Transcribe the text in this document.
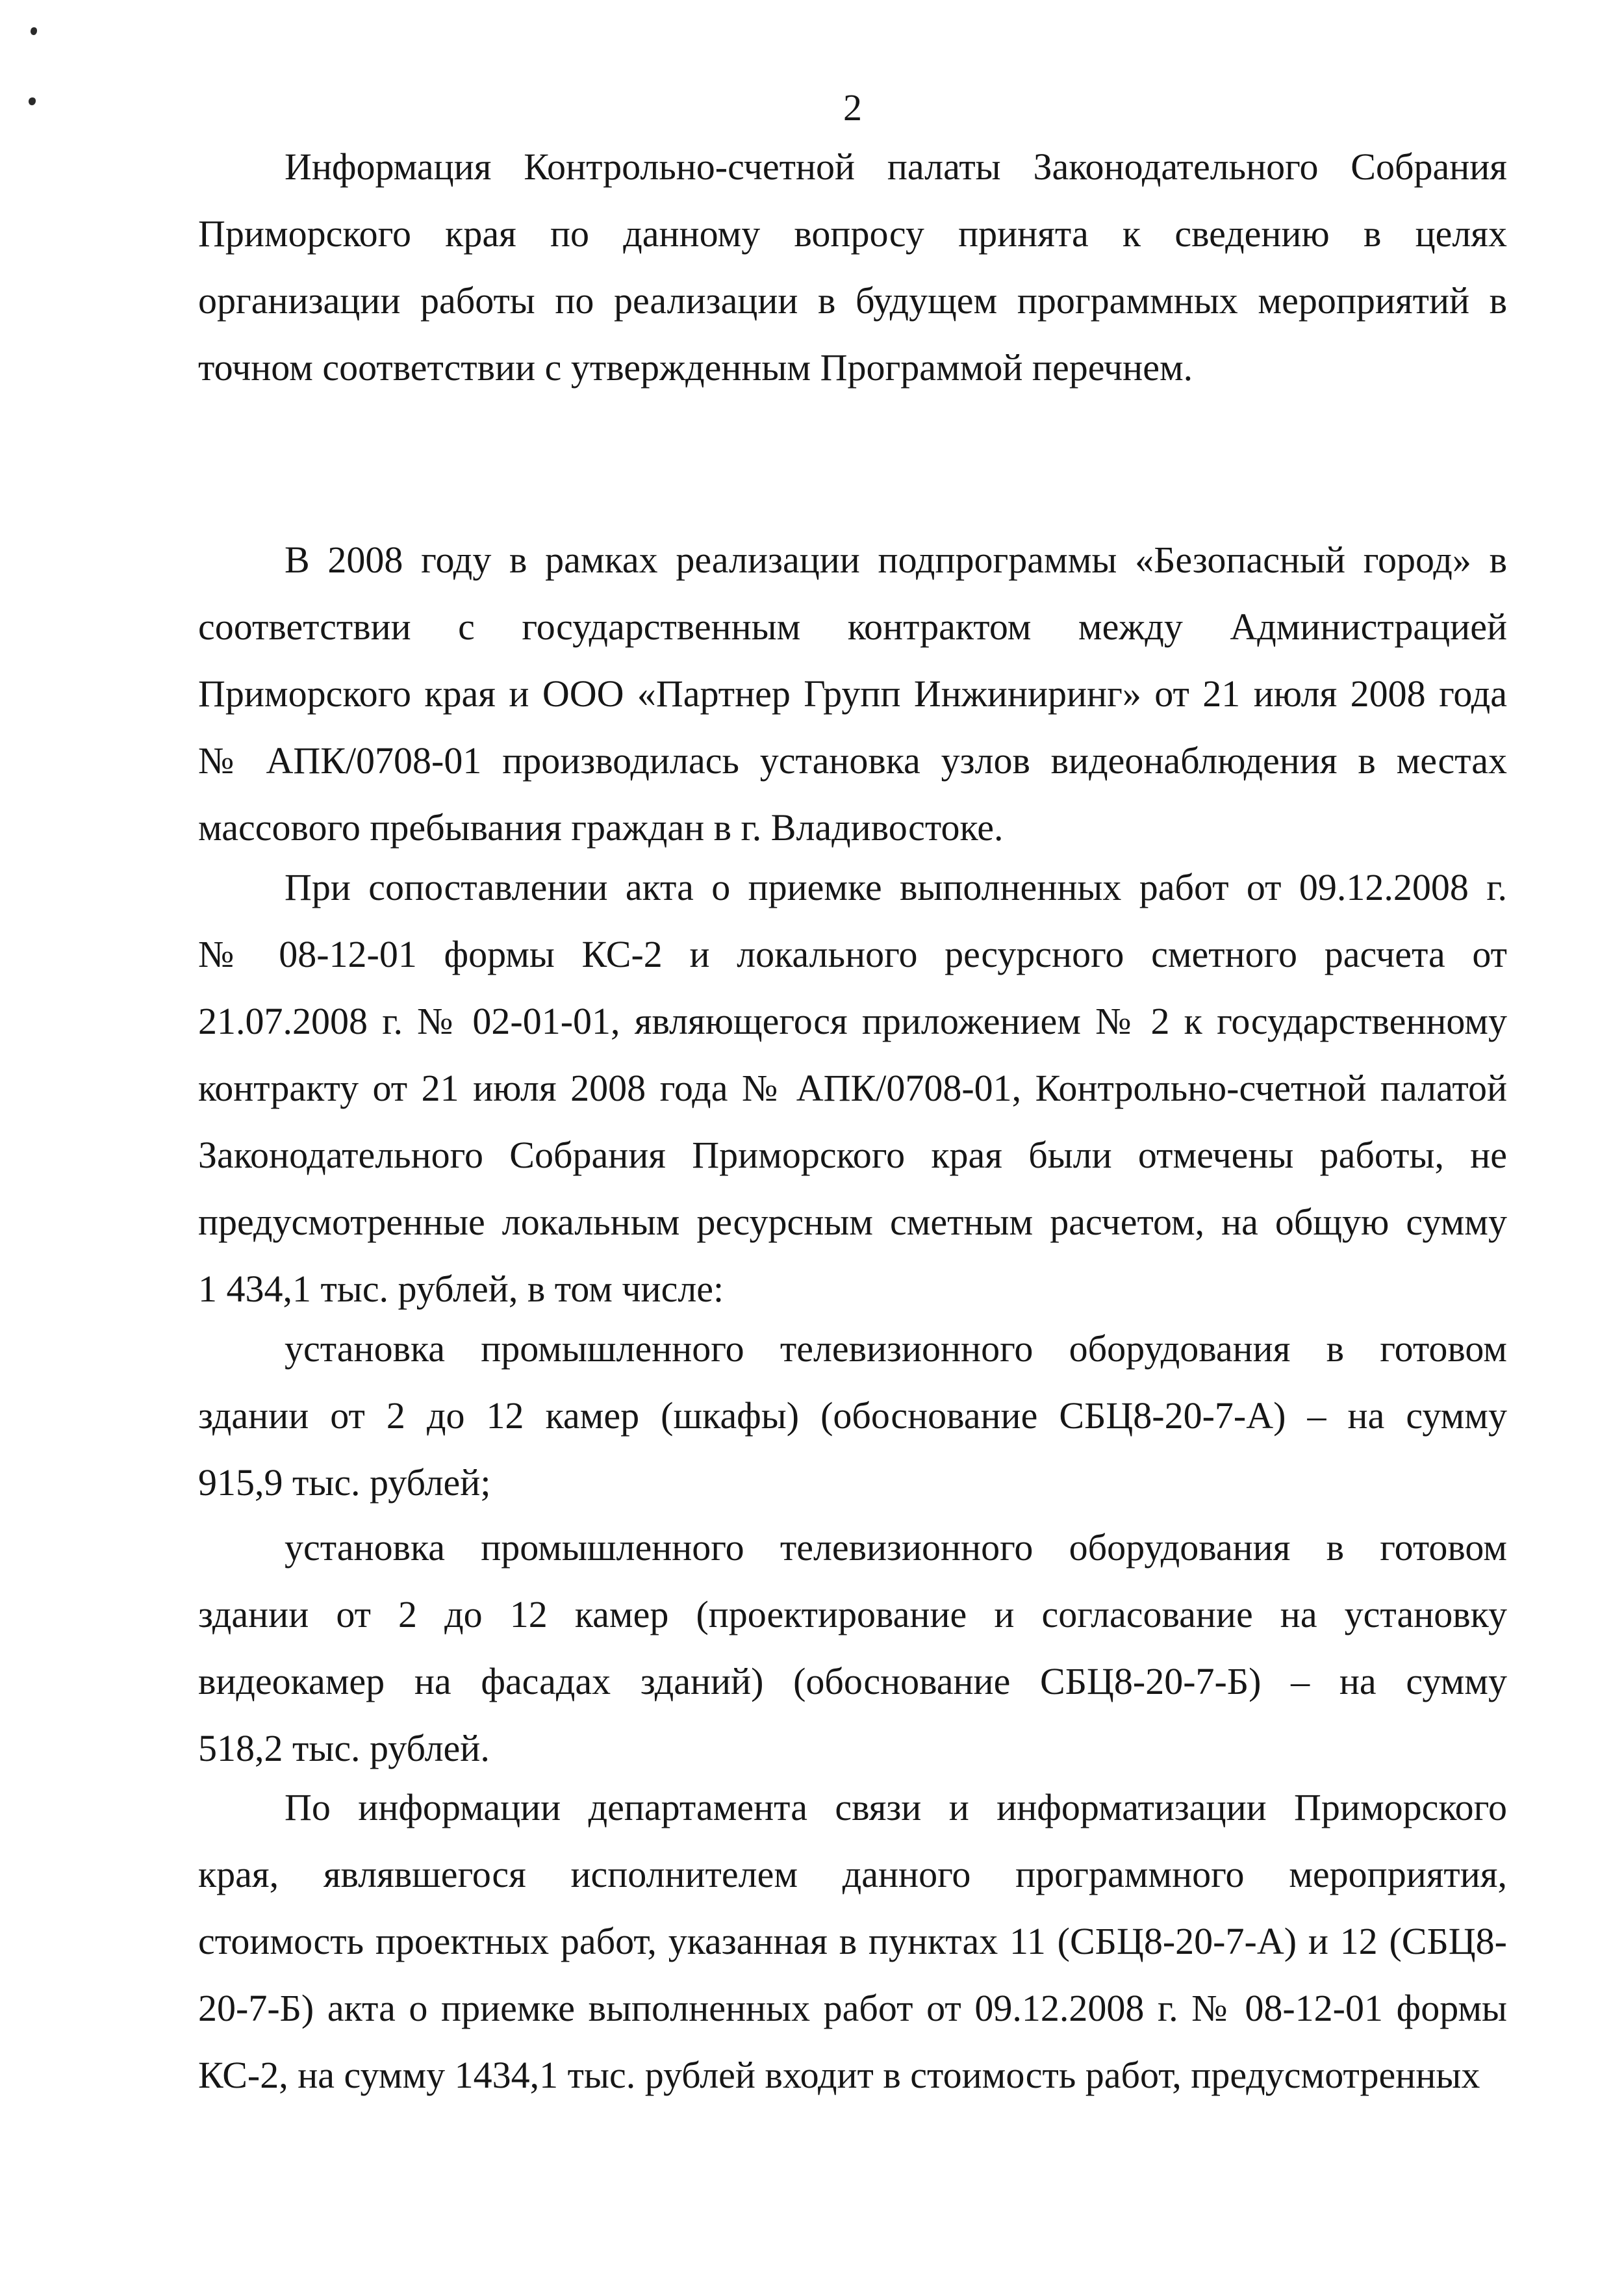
2
Информация Контрольно-счетной палаты Законодательного Собрания
Приморского края по данному вопросу принята к сведению в целях
организации работы по реализации в будущем программных мероприятий в
точном соответствии с утвержденным Программой перечнем.
В 2008 году в рамках реализации подпрограммы «Безопасный город» в
соответствии с государственным контрактом между Администрацией
Приморского края и ООО «Партнер Групп Инжиниринг» от 21 июля 2008 года
№ АПК/0708-01 производилась установка узлов видеонаблюдения в местах
массового пребывания граждан в г. Владивостоке.
При сопоставлении акта о приемке выполненных работ от 09.12.2008 г.
№ 08-12-01 формы КС-2 и локального ресурсного сметного расчета от
21.07.2008 г. № 02-01-01, являющегося приложением № 2 к государственному
контракту от 21 июля 2008 года № АПК/0708-01, Контрольно-счетной палатой
Законодательного Собрания Приморского края были отмечены работы, не
предусмотренные локальным ресурсным сметным расчетом, на общую сумму
1 434,1 тыс. рублей, в том числе:
установка промышленного телевизионного оборудования в готовом
здании от 2 до 12 камер (шкафы) (обоснование СБЦ8-20-7-А) – на сумму
915,9 тыс. рублей;
установка промышленного телевизионного оборудования в готовом
здании от 2 до 12 камер (проектирование и согласование на установку
видеокамер на фасадах зданий) (обоснование СБЦ8-20-7-Б) – на сумму
518,2 тыс. рублей.
По информации департамента связи и информатизации Приморского
края, являвшегося исполнителем данного программного мероприятия,
стоимость проектных работ, указанная в пунктах 11 (СБЦ8-20-7-А) и 12 (СБЦ8-
20-7-Б) акта о приемке выполненных работ от 09.12.2008 г. № 08-12-01 формы
КС-2, на сумму 1434,1 тыс. рублей входит в стоимость работ, предусмотренных
